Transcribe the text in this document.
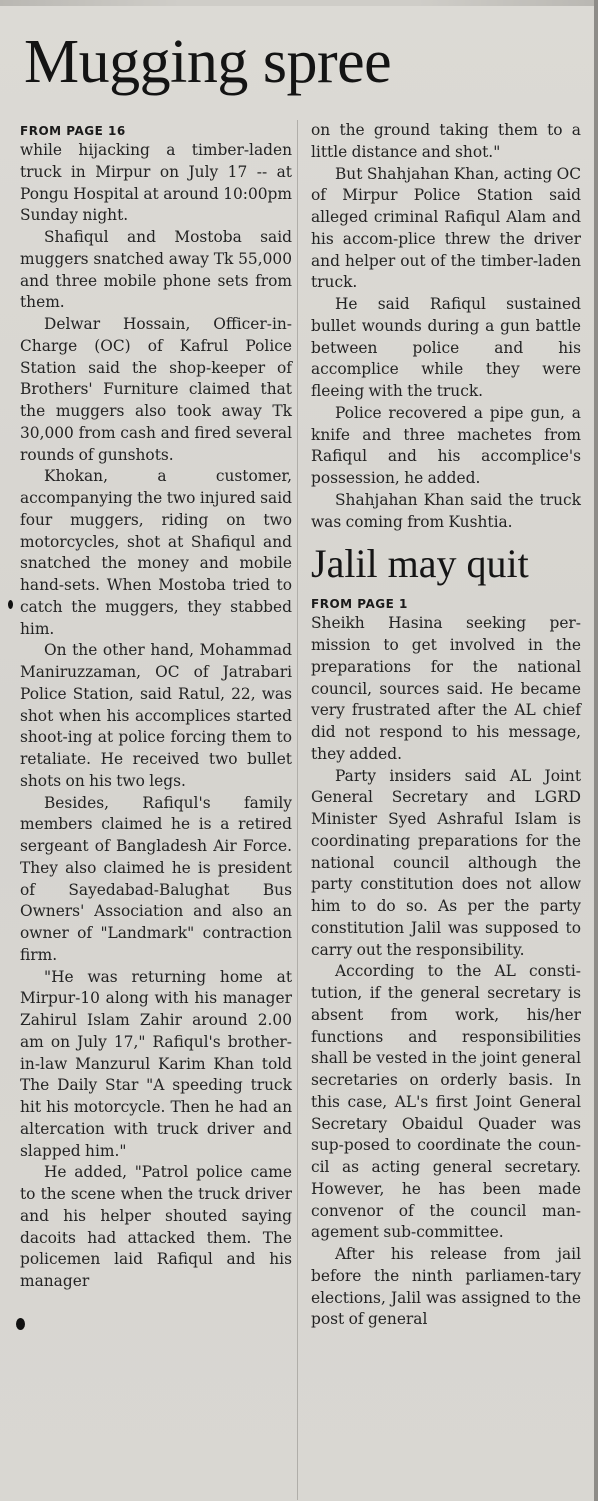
Mugging spree

FROM PAGE 16

while hijacking a timber-laden truck in Mirpur on July 17 -- at Pongu Hospital at around 10:00pm Sunday night.

Shafiqul and Mostoba said muggers snatched away Tk 55,000 and three mobile phone sets from them.

Delwar Hossain, Officer-in-Charge (OC) of Kafrul Police Station said the shop-keeper of Brothers' Furniture claimed that the muggers also took away Tk 30,000 from cash and fired several rounds of gunshots.

Khokan, a customer, accompanying the two injured said four muggers, riding on two motorcycles, shot at Shafiqul and snatched the money and mobile hand-sets. When Mostoba tried to catch the muggers, they stabbed him.

On the other hand, Mohammad Maniruzzaman, OC of Jatrabari Police Station, said Ratul, 22, was shot when his accomplices started shoot-ing at police forcing them to retaliate. He received two bullet shots on his two legs.

Besides, Rafiqul's family members claimed he is a retired sergeant of Bangladesh Air Force. They also claimed he is president of Sayedabad-Balughat Bus Owners' Association and also an owner of "Landmark" contraction firm.

"He was returning home at Mirpur-10 along with his manager Zahirul Islam Zahir around 2.00 am on July 17," Rafiqul's brother-in-law Manzurul Karim Khan told The Daily Star "A speeding truck hit his motorcycle. Then he had an altercation with truck driver and slapped him."

He added, "Patrol police came to the scene when the truck driver and his helper shouted saying dacoits had attacked them. The policemen laid Rafiqul and his manager

on the ground taking them to a little distance and shot."

But Shahjahan Khan, acting OC of Mirpur Police Station said alleged criminal Rafiqul Alam and his accom-plice threw the driver and helper out of the timber-laden truck.

He said Rafiqul sustained bullet wounds during a gun battle between police and his accomplice while they were fleeing with the truck.

Police recovered a pipe gun, a knife and three machetes from Rafiqul and his accomplice's possession, he added.

Shahjahan Khan said the truck was coming from Kushtia.

Jalil may quit

FROM PAGE 1

Sheikh Hasina seeking per-mission to get involved in the preparations for the national council, sources said. He became very frustrated after the AL chief did not respond to his message, they added.

Party insiders said AL Joint General Secretary and LGRD Minister Syed Ashraful Islam is coordinating preparations for the national council although the party constitution does not allow him to do so. As per the party constitution Jalil was supposed to carry out the responsibility.

According to the AL consti-tution, if the general secretary is absent from work, his/her functions and responsibilities shall be vested in the joint general secretaries on orderly basis. In this case, AL's first Joint General Secretary Obaidul Quader was sup-posed to coordinate the coun-cil as acting general secretary. However, he has been made convenor of the council man-agement sub-committee.

After his release from jail before the ninth parliamen-tary elections, Jalil was assigned to the post of general
